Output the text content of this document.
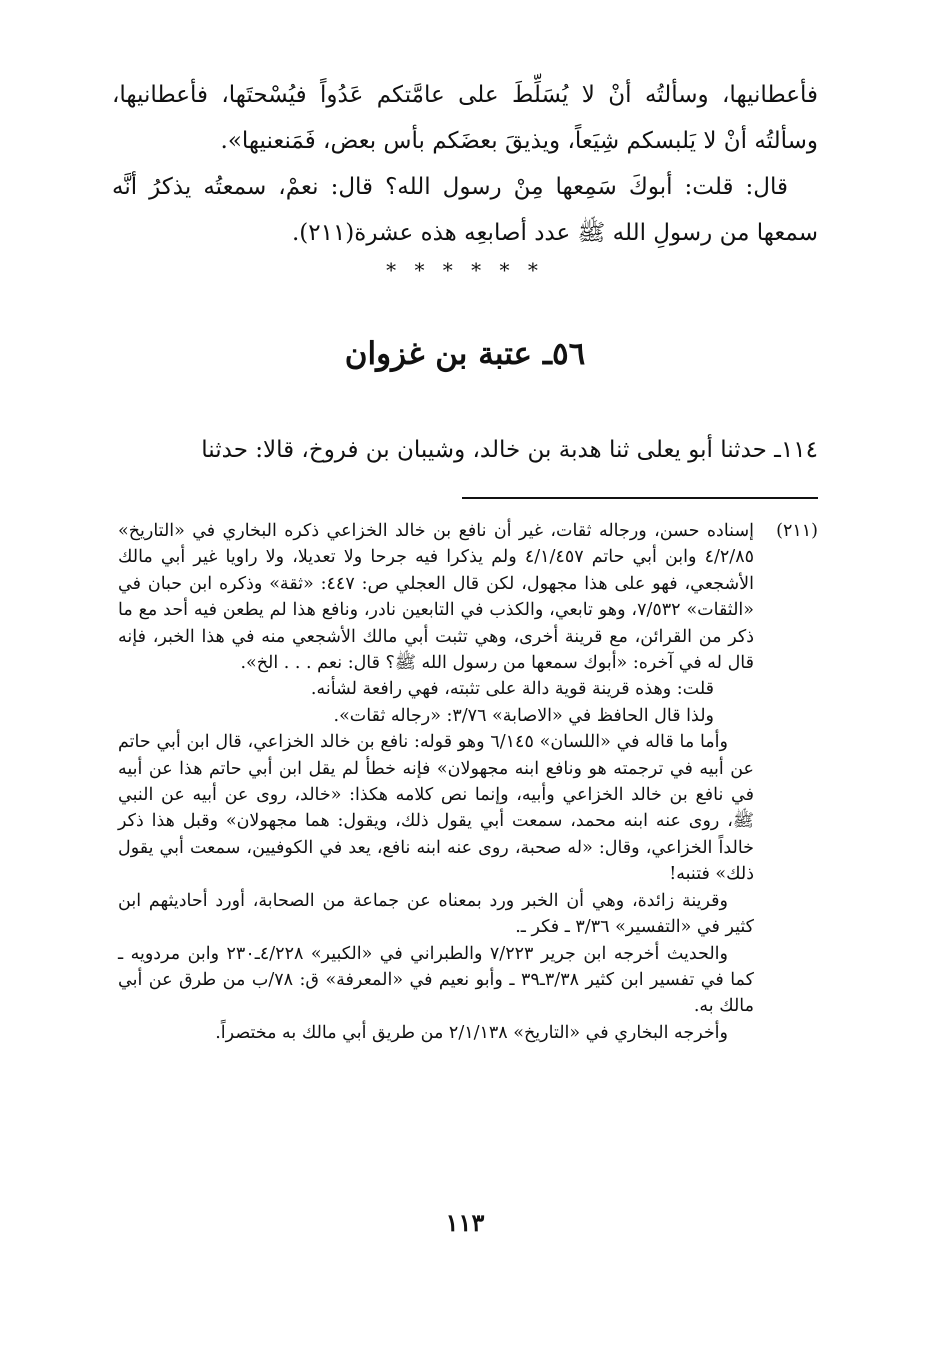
فأعطانيها، وسألتُه أنْ لا يُسَلِّطَ على عامَّتكم عَدُواً فيُسْحتَها، فأعطانيها، وسألتُه أنْ لا يَلبسكم شِيَعاً، ويذيقَ بعضَكم بأس بعض، فَمَنعنيها».

قال: قلت: أبوكَ سَمِعها مِنْ رسول الله؟ قال: نعمْ، سمعتُه يذكرُ أنَّه سمعها من رسولِ الله ﷺ عدد أصابعِه هذه عشرة(٢١١).

* * * * * *
٥٦ـ عتبة بن غزوان
١١٤ـ حدثنا أبو يعلى ثنا هدبة بن خالد، وشيبان بن فروخ، قالا: حدثنا
(٢١١)

إسناده حسن، ورجاله ثقات، غير أن نافع بن خالد الخزاعي ذكره البخاري في «التاريخ» ٤/٢/٨٥ وابن أبي حاتم ٤/١/٤٥٧ ولم يذكرا فيه جرحا ولا تعديلا، ولا راويا غير أبي مالك الأشجعي، فهو على هذا مجهول، لكن قال العجلي ص: ٤٤٧: «ثقة» وذكره ابن حبان في «الثقات» ٧/٥٣٢، وهو تابعي، والكذب في التابعين نادر، ونافع هذا لم يطعن فيه أحد مع ما ذكر من القرائن، مع قرينة أخرى، وهي تثبت أبي مالك الأشجعي منه في هذا الخبر، فإنه قال له في آخره: «أبوك سمعها من رسول الله ﷺ؟ قال: نعم . . . الخ».

قلت: وهذه قرينة قوية دالة على تثبته، فهي رافعة لشأنه.

ولذا قال الحافظ في «الاصابة» ٣/٧٦: «رجاله ثقات».

وأما ما قاله في «اللسان» ٦/١٤٥ وهو قوله: نافع بن خالد الخزاعي، قال ابن أبي حاتم عن أبيه في ترجمته هو ونافع ابنه مجهولان» فإنه خطأ لم يقل ابن أبي حاتم هذا عن أبيه في نافع بن خالد الخزاعي وأبيه، وإنما نص كلامه هكذا: «خالد، روى عن أبيه عن النبي ﷺ، روى عنه ابنه محمد، سمعت أبي يقول ذلك، ويقول: هما مجهولان» وقبل هذا ذكر خالداً الخزاعي، وقال: «له صحبة، روى عنه ابنه نافع، يعد في الكوفيين، سمعت أبي يقول ذلك» فتنبه!

وقرينة زائدة، وهي أن الخبر ورد بمعناه عن جماعة من الصحابة، أورد أحاديثهم ابن كثير في «التفسير» ٣/٣٦ ـ فكر ـ.

والحديث أخرجه ابن جرير ٧/٢٢٣ والطبراني في «الكبير» ٤/٢٢٨ـ٢٣٠ وابن مردويه ـ كما في تفسير ابن كثير ٣/٣٨ـ٣٩ ـ وأبو نعيم في «المعرفة» ق: ٧٨/ب من طرق عن أبي مالك به.

وأخرجه البخاري في «التاريخ» ٢/١/١٣٨ من طريق أبي مالك به مختصراً.

١١٣
